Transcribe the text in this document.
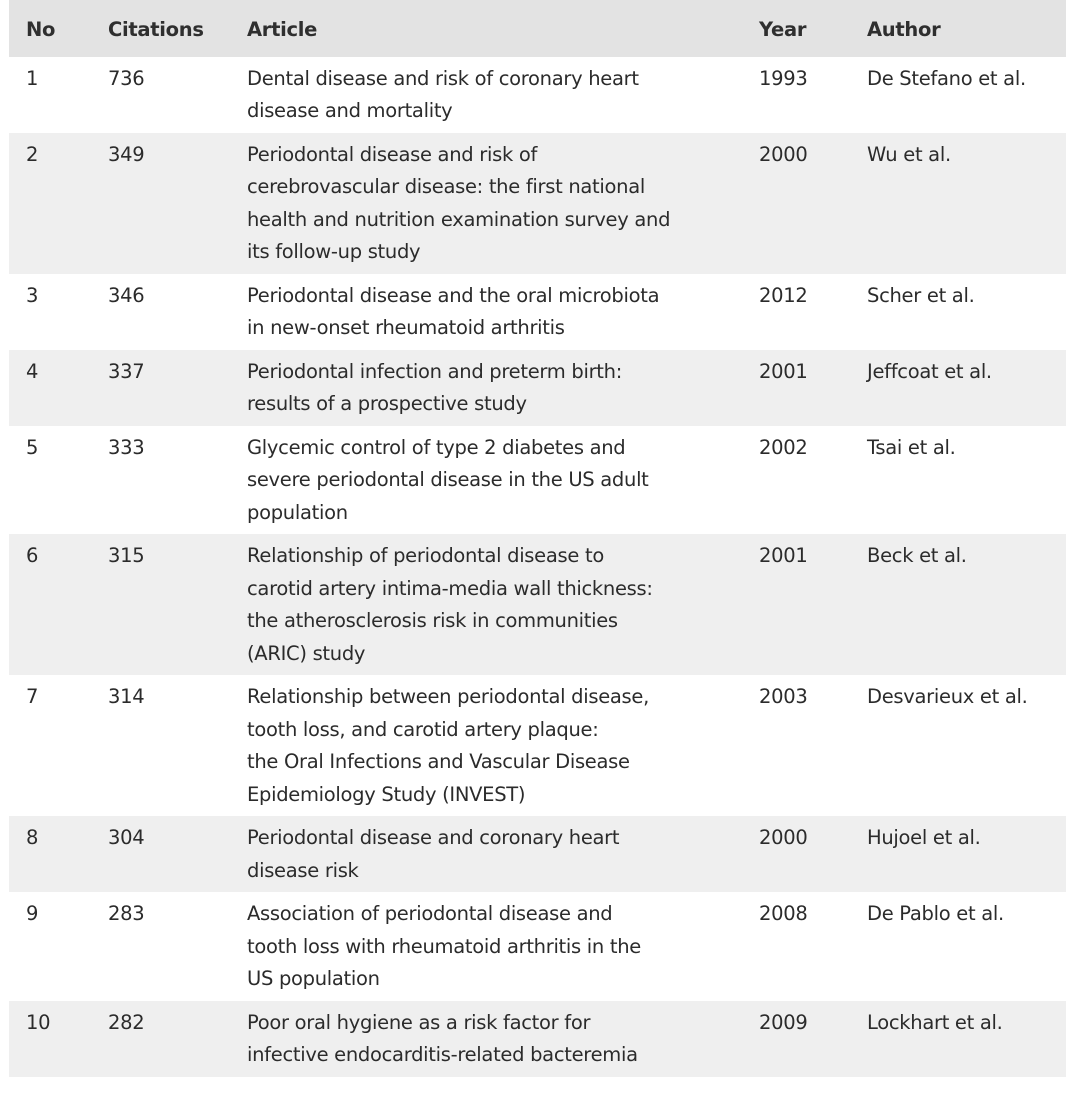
No	Citations	Article	Year	Author
1	736	Dental disease and risk of coronary heart
disease and mortality	1993	De Stefano et al.
2	349	Periodontal disease and risk of
cerebrovascular disease: the first national
health and nutrition examination survey and
its follow-up study	2000	Wu et al.
3	346	Periodontal disease and the oral microbiota
in new-onset rheumatoid arthritis	2012	Scher et al.
4	337	Periodontal infection and preterm birth:
results of a prospective study	2001	Jeffcoat et al.
5	333	Glycemic control of type 2 diabetes and
severe periodontal disease in the US adult
population	2002	Tsai et al.
6	315	Relationship of periodontal disease to
carotid artery intima-media wall thickness:
the atherosclerosis risk in communities
(ARIC) study	2001	Beck et al.
7	314	Relationship between periodontal disease,
tooth loss, and carotid artery plaque:
the Oral Infections and Vascular Disease
Epidemiology Study (INVEST)	2003	Desvarieux et al.
8	304	Periodontal disease and coronary heart
disease risk	2000	Hujoel et al.
9	283	Association of periodontal disease and
tooth loss with rheumatoid arthritis in the
US population	2008	De Pablo et al.
10	282	Poor oral hygiene as a risk factor for
infective endocarditis-related bacteremia	2009	Lockhart et al.
